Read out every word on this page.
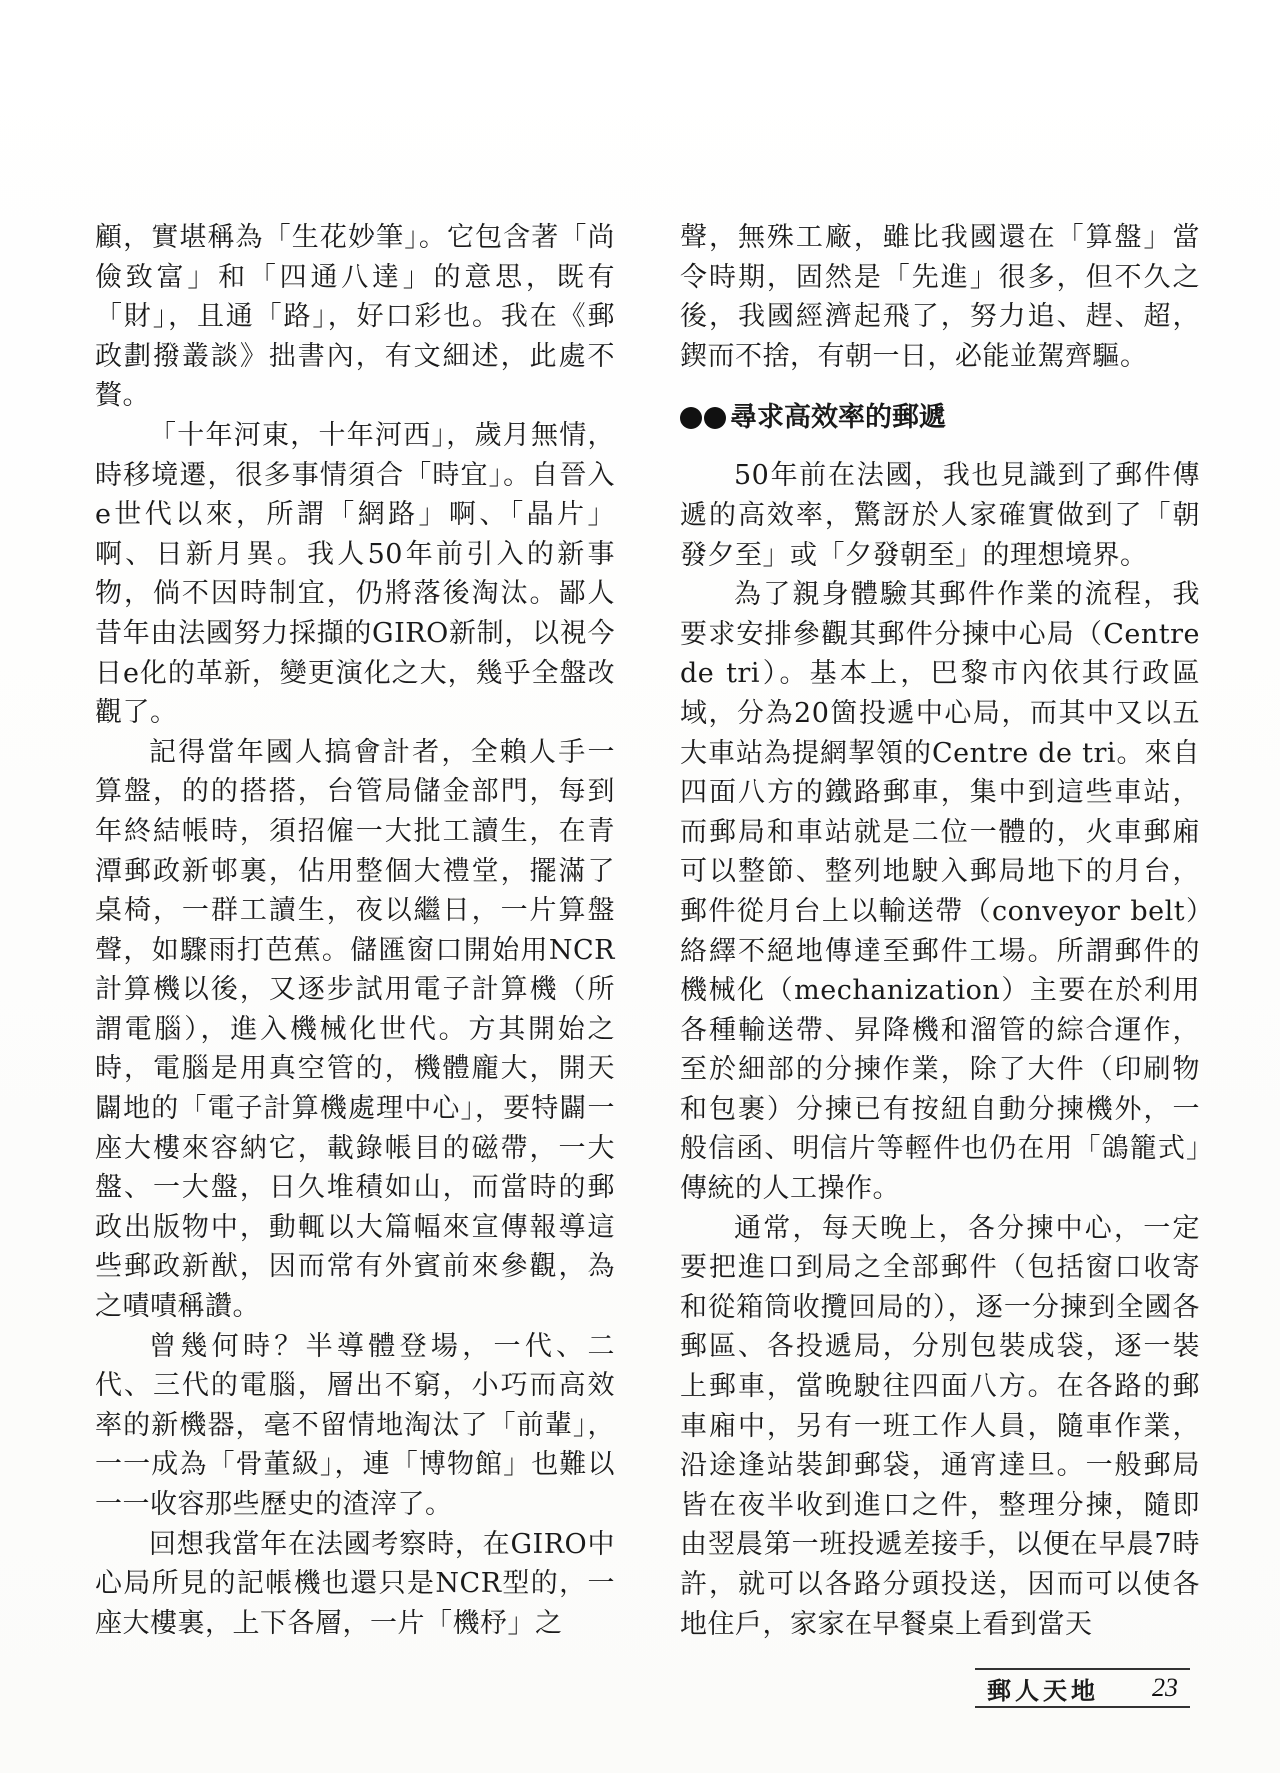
顧，實堪稱為「生花妙筆」。它包含著「尚儉致富」和「四通八達」的意思，既有「財」，且通「路」，好口彩也。我在《郵政劃撥叢談》拙書內，有文細述，此處不贅。

「十年河東，十年河西」，歲月無情，時移境遷，很多事情須合「時宜」。自晉入e世代以來，所謂「網路」啊、「晶片」啊、日新月異。我人50年前引入的新事物，倘不因時制宜，仍將落後淘汰。鄙人昔年由法國努力採擷的GIRO新制，以視今日e化的革新，變更演化之大，幾乎全盤改觀了。

記得當年國人搞會計者，全賴人手一算盤，的的搭搭，台管局儲金部門，每到年終結帳時，須招僱一大批工讀生，在青潭郵政新邨裏，佔用整個大禮堂，擺滿了桌椅，一群工讀生，夜以繼日，一片算盤聲，如驟雨打芭蕉。儲匯窗口開始用NCR計算機以後，又逐步試用電子計算機（所謂電腦），進入機械化世代。方其開始之時，電腦是用真空管的，機體龐大，開天闢地的「電子計算機處理中心」，要特闢一座大樓來容納它，載錄帳目的磁帶，一大盤、一大盤，日久堆積如山，而當時的郵政出版物中，動輒以大篇幅來宣傳報導這些郵政新猷，因而常有外賓前來參觀，為之嘖嘖稱讚。

曾幾何時？半導體登場，一代、二代、三代的電腦，層出不窮，小巧而高效率的新機器，毫不留情地淘汰了「前輩」，一一成為「骨董級」，連「博物館」也難以一一收容那些歷史的渣滓了。

回想我當年在法國考察時，在GIRO中心局所見的記帳機也還只是NCR型的，一座大樓裏，上下各層，一片「機杼」之

聲，無殊工廠，雖比我國還在「算盤」當令時期，固然是「先進」很多，但不久之後，我國經濟起飛了，努力追、趕、超，鍥而不捨，有朝一日，必能並駕齊驅。

尋求高效率的郵遞

50年前在法國，我也見識到了郵件傳遞的高效率，驚訝於人家確實做到了「朝發夕至」或「夕發朝至」的理想境界。

為了親身體驗其郵件作業的流程，我要求安排參觀其郵件分揀中心局（Centre de tri）。基本上，巴黎市內依其行政區域，分為20箇投遞中心局，而其中又以五大車站為提網挈領的Centre de tri。來自四面八方的鐵路郵車，集中到這些車站，而郵局和車站就是二位一體的，火車郵廂可以整節、整列地駛入郵局地下的月台，郵件從月台上以輸送帶（conveyor belt）絡繹不絕地傳達至郵件工場。所謂郵件的機械化（mechanization）主要在於利用各種輸送帶、昇降機和溜管的綜合運作，至於細部的分揀作業，除了大件（印刷物和包裹）分揀已有按紐自動分揀機外，一般信函、明信片等輕件也仍在用「鴿籠式」傳統的人工操作。

通常，每天晚上，各分揀中心，一定要把進口到局之全部郵件（包括窗口收寄和從箱筒收攬回局的），逐一分揀到全國各郵區、各投遞局，分別包裝成袋，逐一裝上郵車，當晚駛往四面八方。在各路的郵車廂中，另有一班工作人員，隨車作業，沿途逢站裝卸郵袋，通宵達旦。一般郵局皆在夜半收到進口之件，整理分揀，隨即由翌晨第一班投遞差接手，以便在早晨7時許，就可以各路分頭投送，因而可以使各地住戶，家家在早餐桌上看到當天

郵人天地 23
